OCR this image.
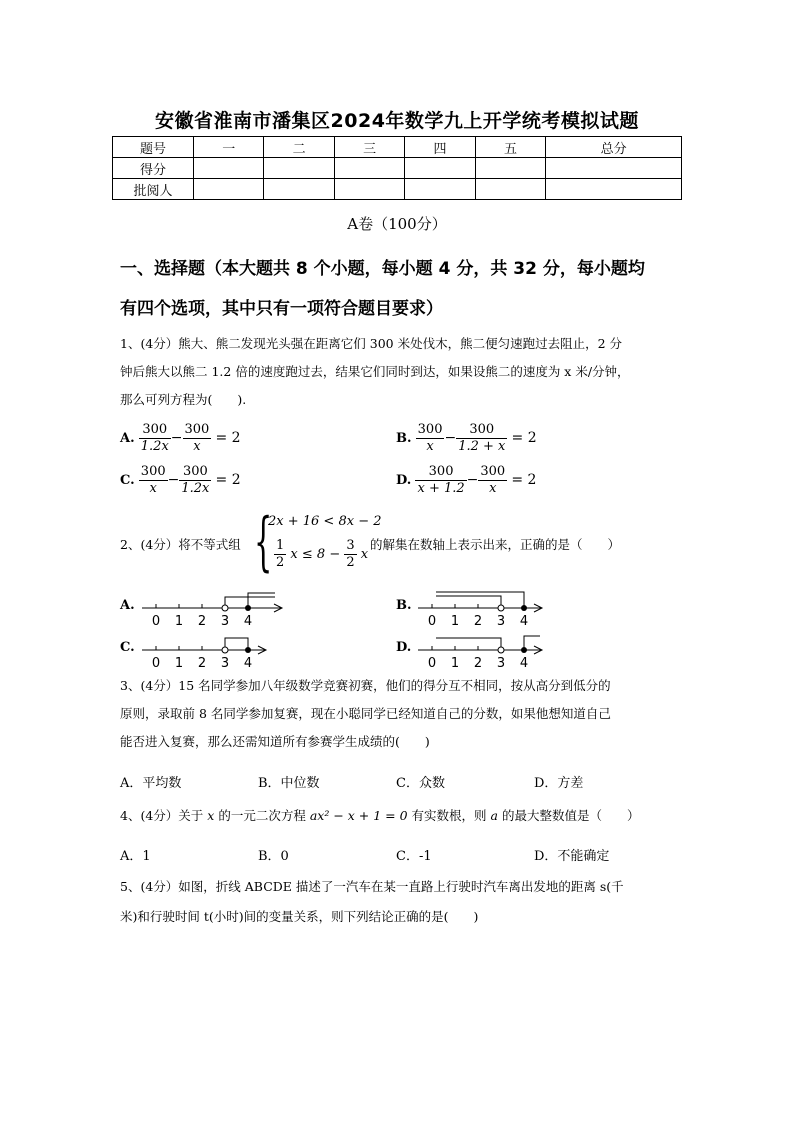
安徽省淮南市潘集区2024年数学九上开学统考模拟试题
题号	一	二	三	四	五	总分
得分						
批阅人						
A卷（100分）
一、选择题（本大题共 8 个小题，每小题 4 分，共 32 分，每小题均
有四个选项，其中只有一项符合题目要求）
1、(4分）熊大、熊二发现光头强在距离它们 300 米处伐木，熊二便匀速跑过去阻止，2 分
钟后熊大以熊二 1.2 倍的速度跑过去，结果它们同时到达，如果设熊二的速度为 x 米/分钟，
那么可列方程为(　　).
A. $\frac{300}{1.2x} - \frac{300}{x} = 2$	B. $\frac{300}{x} - \frac{300}{1.2 + x} = 2$
C. $\frac{300}{x} - \frac{300}{1.2x} = 2$	D. $\frac{300}{x + 1.2} - \frac{300}{x} = 2$
2、(4分）将不等式组 {
2x + 16 < 8x − 2
$\frac{1}{2}$ $x \le 8 - \frac{3}{2}$ x
的解集在数轴上表示出来，正确的是（　　）
A.	B.
C.	D.
0 1 2 3 4	0 1 2 3 4
0 1 2 3 4	0 1 2 3 4
3、(4分）15 名同学参加八年级数学竞赛初赛，他们的得分互不相同，按从高分到低分的
原则，录取前 8 名同学参加复赛，现在小聪同学已经知道自己的分数，如果他想知道自己
能否进入复赛，那么还需知道所有参赛学生成绩的(　　)
A．平均数	B．中位数	C．众数	D．方差
4、(4分）关于 x 的一元二次方程 ax² − x + 1 = 0 有实数根，则 a 的最大整数值是（　　）
A．1	B．0	C．-1	D．不能确定
5、(4分）如图，折线 ABCDE 描述了一汽车在某一直路上行驶时汽车离出发地的距离 s(千
米)和行驶时间 t(小时)间的变量关系，则下列结论正确的是(　　)
